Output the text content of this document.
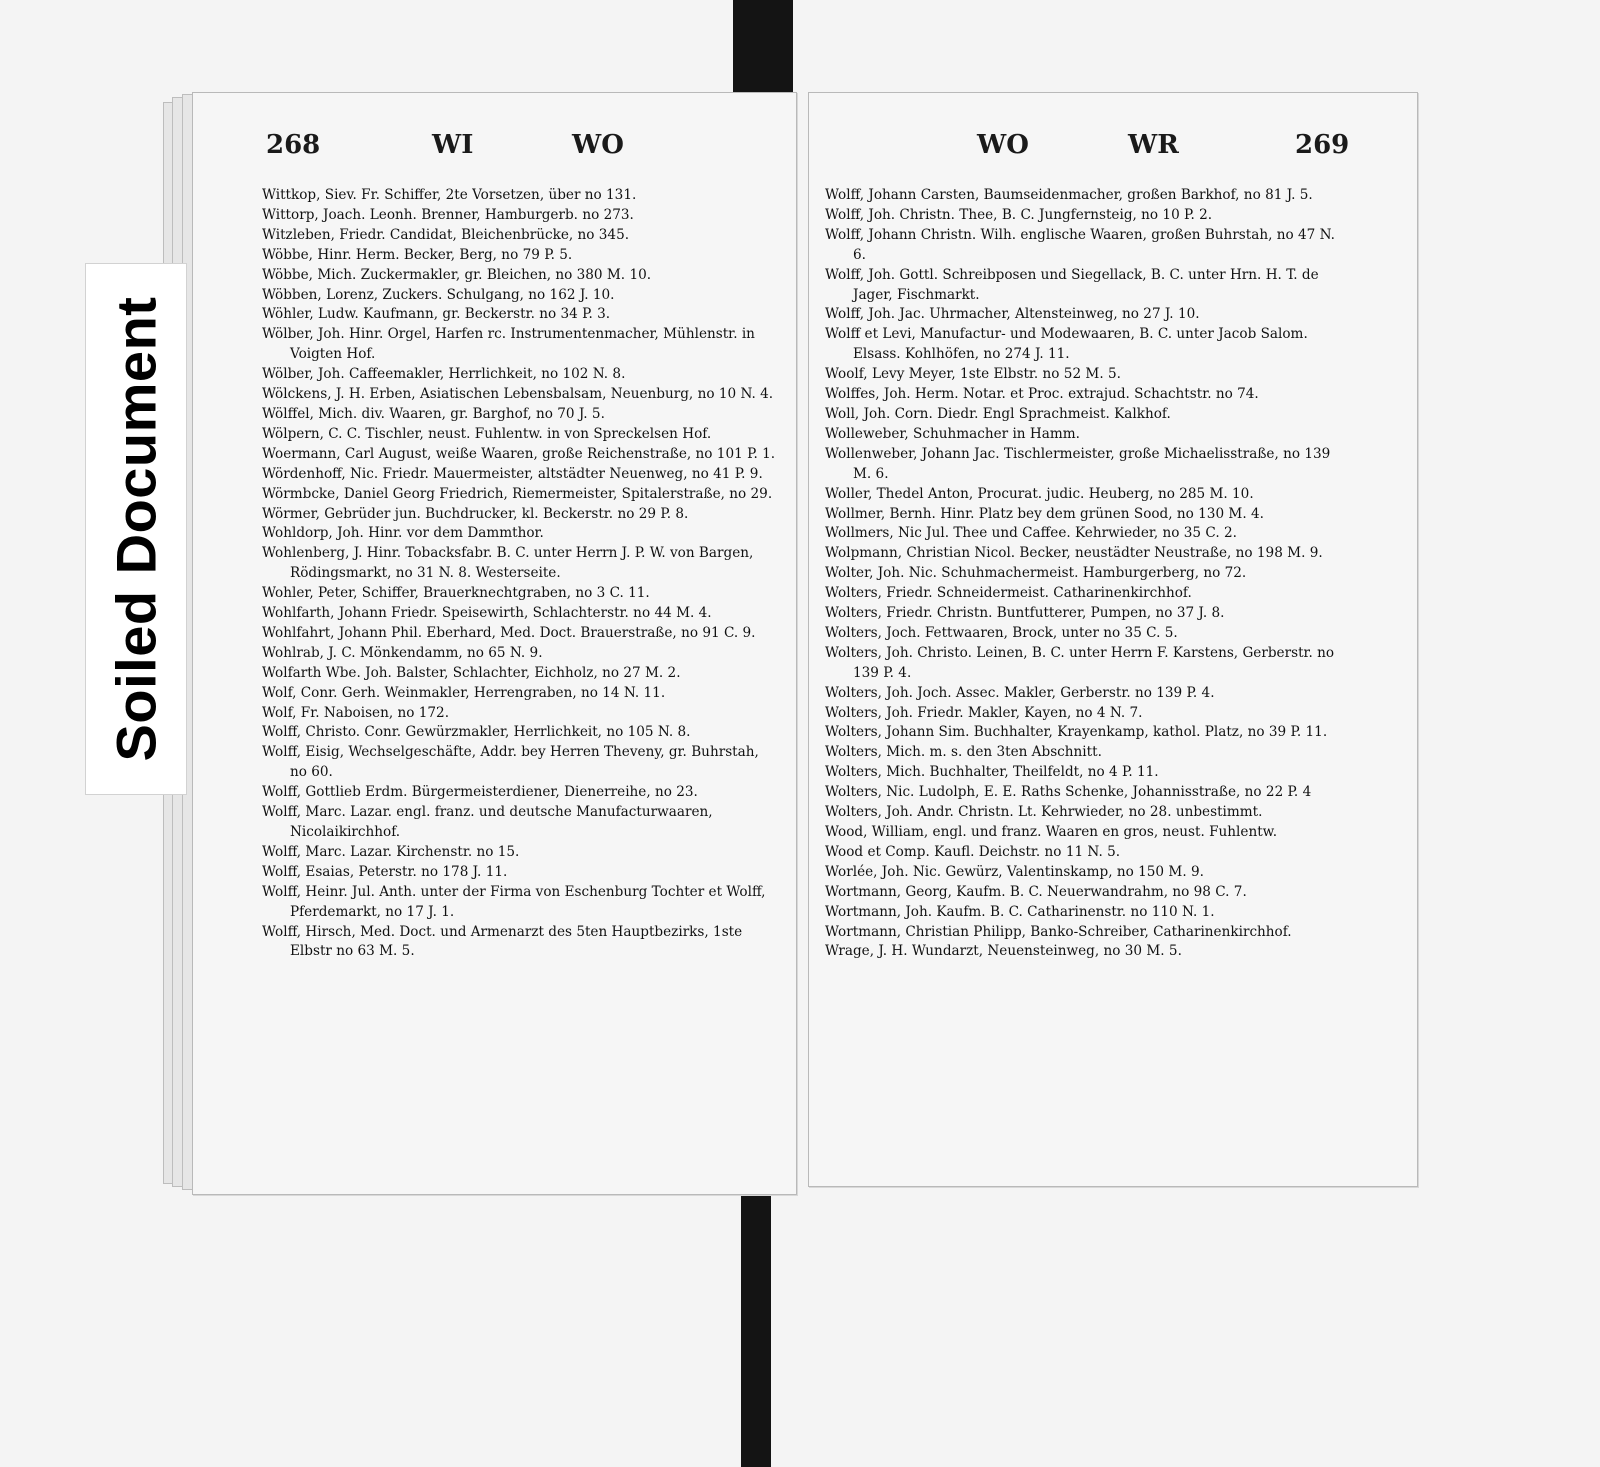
268	WI	WO	WO	WR	269
Wittkop, Siev. Fr. Schiffer, 2te Vorsetzen, über no 131.
Wittorp, Joach. Leonh. Brenner, Hamburgerb. no 273.
Witzleben, Friedr. Candidat, Bleichenbrücke, no 345.
Wöbbe, Hinr. Herm. Becker, Berg, no 79 P. 5.
Wöbbe, Mich. Zuckermakler, gr. Bleichen, no 380 M. 10.
Wöbben, Lorenz, Zuckers. Schulgang, no 162 J. 10.
Wöhler, Ludw. Kaufmann, gr. Beckerstr. no 34 P. 3.
Wölber, Joh. Hinr. Orgel, Harfen rc. Instrumentenmacher, Mühlenstr. in Voigten Hof.
Wölber, Joh. Caffeemakler, Herrlichkeit, no 102 N. 8.
Wölckens, J. H. Erben, Asiatischen Lebensbalsam, Neuenburg, no 10 N. 4.
Wölffel, Mich. div. Waaren, gr. Barghof, no 70 J. 5.
Wölpern, C. C. Tischler, neust. Fuhlentw. in von Spreckelsen Hof.
Woermann, Carl August, weiße Waaren, große Reichenstraße, no 101 P. 1.
Wördenhoff, Nic. Friedr. Mauermeister, altstädter Neuenweg, no 41 P. 9.
Wörmbcke, Daniel Georg Friedrich, Riemermeister, Spitalerstraße, no 29.
Wörmer, Gebrüder jun. Buchdrucker, kl. Beckerstr. no 29 P. 8.
Wohldorp, Joh. Hinr. vor dem Dammthor.
Wohlenberg, J. Hinr. Tobacksfabr. B. C. unter Herrn J. P. W. von Bargen, Rödingsmarkt, no 31 N. 8. Westerseite.
Wohler, Peter, Schiffer, Brauerknechtgraben, no 3 C. 11.
Wohlfarth, Johann Friedr. Speisewirth, Schlachterstr. no 44 M. 4.
Wohlfahrt, Johann Phil. Eberhard, Med. Doct. Brauerstraße, no 91 C. 9.
Wohlrab, J. C. Mönkendamm, no 65 N. 9.
Wolfarth Wbe. Joh. Balster, Schlachter, Eichholz, no 27 M. 2.
Wolf, Conr. Gerh. Weinmakler, Herrengraben, no 14 N. 11.
Wolf, Fr. Naboisen, no 172.
Wolff, Christo. Conr. Gewürzmakler, Herrlichkeit, no 105 N. 8.
Wolff, Eisig, Wechselgeschäfte, Addr. bey Herren Theveny, gr. Buhrstah, no 60.
Wolff, Gottlieb Erdm. Bürgermeisterdiener, Dienerreihe, no 23.
Wolff, Marc. Lazar. engl. franz. und deutsche Manufacturwaaren, Nicolaikirchhof.
Wolff, Marc. Lazar. Kirchenstr. no 15.
Wolff, Esaias, Peterstr. no 178 J. 11.
Wolff, Heinr. Jul. Anth. unter der Firma von Eschenburg Tochter et Wolff, Pferdemarkt, no 17 J. 1.
Wolff, Hirsch, Med. Doct. und Armenarzt des 5ten Hauptbezirks, 1ste Elbstr no 63 M. 5.
Wolff, Johann Carsten, Baumseidenmacher, großen Barkhof, no 81 J. 5.
Wolff, Joh. Christn. Thee, B. C. Jungfernsteig, no 10 P. 2.
Wolff, Johann Christn. Wilh. englische Waaren, großen Buhrstah, no 47 N. 6.
Wolff, Joh. Gottl. Schreibposen und Siegellack, B. C. unter Hrn. H. T. de Jager, Fischmarkt.
Wolff, Joh. Jac. Uhrmacher, Altensteinweg, no 27 J. 10.
Wolff et Levi, Manufactur- und Modewaaren, B. C. unter Jacob Salom. Elsass. Kohlhöfen, no 274 J. 11.
Woolf, Levy Meyer, 1ste Elbstr. no 52 M. 5.
Wolffes, Joh. Herm. Notar. et Proc. extrajud. Schachtstr. no 74.
Woll, Joh. Corn. Diedr. Engl Sprachmeist. Kalkhof.
Wolleweber, Schuhmacher in Hamm.
Wollenweber, Johann Jac. Tischlermeister, große Michaelisstraße, no 139 M. 6.
Woller, Thedel Anton, Procurat. judic. Heuberg, no 285 M. 10.
Wollmer, Bernh. Hinr. Platz bey dem grünen Sood, no 130 M. 4.
Wollmers, Nic Jul. Thee und Caffee. Kehrwieder, no 35 C. 2.
Wolpmann, Christian Nicol. Becker, neustädter Neustraße, no 198 M. 9.
Wolter, Joh. Nic. Schuhmachermeist. Hamburgerberg, no 72.
Wolters, Friedr. Schneidermeist. Catharinenkirchhof.
Wolters, Friedr. Christn. Buntfutterer, Pumpen, no 37 J. 8.
Wolters, Joch. Fettwaaren, Brock, unter no 35 C. 5.
Wolters, Joh. Christo. Leinen, B. C. unter Herrn F. Karstens, Gerberstr. no 139 P. 4.
Wolters, Joh. Joch. Assec. Makler, Gerberstr. no 139 P. 4.
Wolters, Joh. Friedr. Makler, Kayen, no 4 N. 7.
Wolters, Johann Sim. Buchhalter, Krayenkamp, kathol. Platz, no 39 P. 11.
Wolters, Mich. m. s. den 3ten Abschnitt.
Wolters, Mich. Buchhalter, Theilfeldt, no 4 P. 11.
Wolters, Nic. Ludolph, E. E. Raths Schenke, Johannisstraße, no 22 P. 4
Wolters, Joh. Andr. Christn. Lt. Kehrwieder, no 28. unbestimmt.
Wood, William, engl. und franz. Waaren en gros, neust. Fuhlentw.
Wood et Comp. Kaufl. Deichstr. no 11 N. 5.
Worlée, Joh. Nic. Gewürz, Valentinskamp, no 150 M. 9.
Wortmann, Georg, Kaufm. B. C. Neuerwandrahm, no 98 C. 7.
Wortmann, Joh. Kaufm. B. C. Catharinenstr. no 110 N. 1.
Wortmann, Christian Philipp, Banko-Schreiber, Catharinenkirchhof.
Wrage, J. H. Wundarzt, Neuensteinweg, no 30 M. 5.
Soiled Document
